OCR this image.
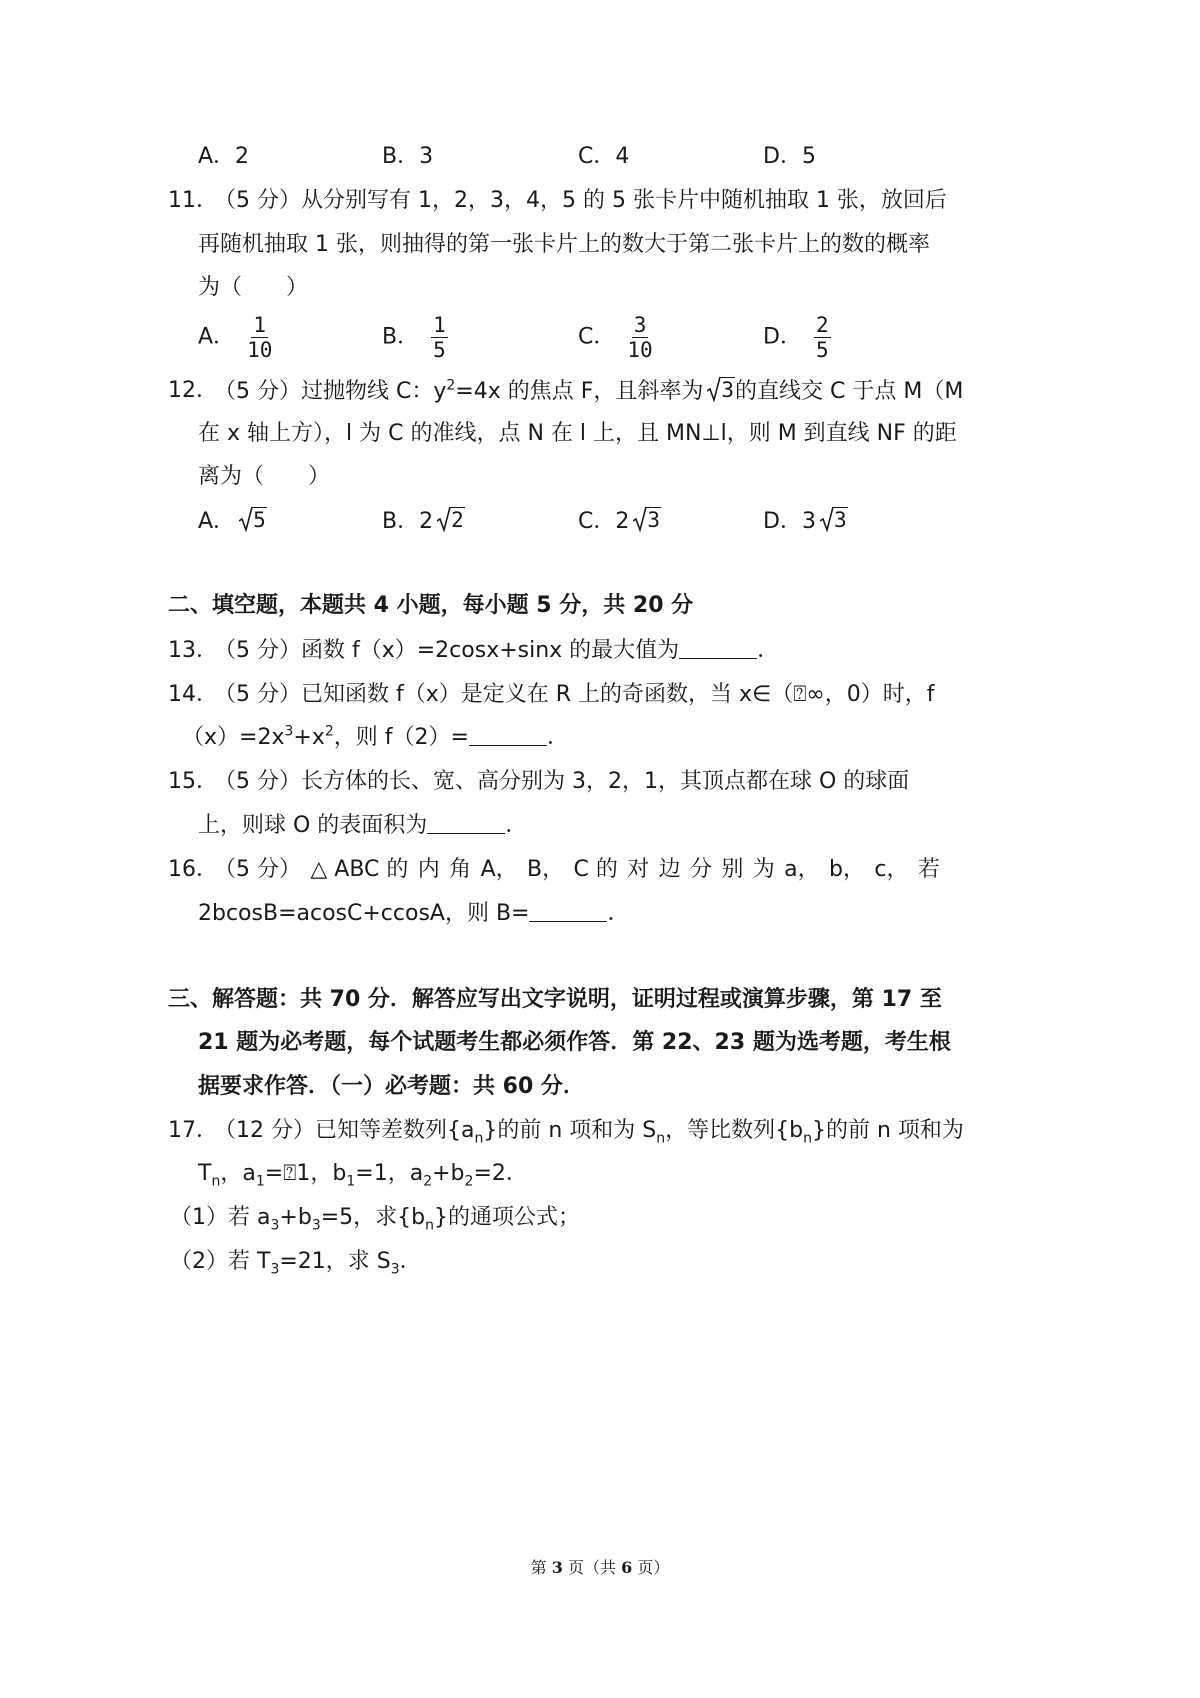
A．2	B．3	C．4	D．5
11．
（5 分）从分别写有 1，2，3，4，5 的 5 张卡片中随机抽取 1 张，放回后
再随机抽取 1 张，则抽得的第一张卡片上的数大于第二张卡片上的数的概率
为（　　）
A． $\frac{1}{10}$	B． $\frac{1}{5}$	C． $\frac{3}{10}$	D． $\frac{2}{5}$
12．
（5 分）过抛物线 C：$y^2=4x$ 的焦点 F，且斜率为 3 的直线交 C 于点 M（M
在 x 轴上方），l 为 C 的准线，点 N 在 l 上，且 MN⊥l，则 M 到直线 NF 的距
离为（　　）
A． 5	B．2 2	C．2 3	D．3 3
二、填空题，本题共 4 小题，每小题 5 分，共 20 分
13．
（5 分）函数 f（x）=2cosx+sinx 的最大值为	．
14．
（5 分）已知函数 f（x）是定义在 R 上的奇函数，当 x∈（⍰∞，0）时，f
$(x)=2x^3+x^2$，则 f（2）=	．
15．
（5 分）长方体的长、宽、高分别为 3，2，1，其顶点都在球 O 的球面
上，则球 O 的表面积为	．
16．
（5 分） △ ABC 的 内 角 A， B， C 的 对 边 分 别 为 a， b， c， 若
2bcosB=acosC+ccosA，则 B=	．
三、解答题：共 70 分．解答应写出文字说明，证明过程或演算步骤，第 17 至
21 题为必考题，每个试题考生都必须作答．第 22、23 题为选考题，考生根
据要求作答．（一）必考题：共 60 分．
17．
（12 分）已知等差数列$\{a_n\}$的前 n 项和为 $S_n$，等比数列$\{b_n\}$的前 n 项和为
$T_n$，$a_1=⍰1$，$b_1=1$，$a_2+b_2=2$．
（1）若 $a_3+b_3=5$，求$\{b_n\}$的通项公式；
（2）若 $T_3=21$，求 $S_3$．
第 3 页（共 6 页）
